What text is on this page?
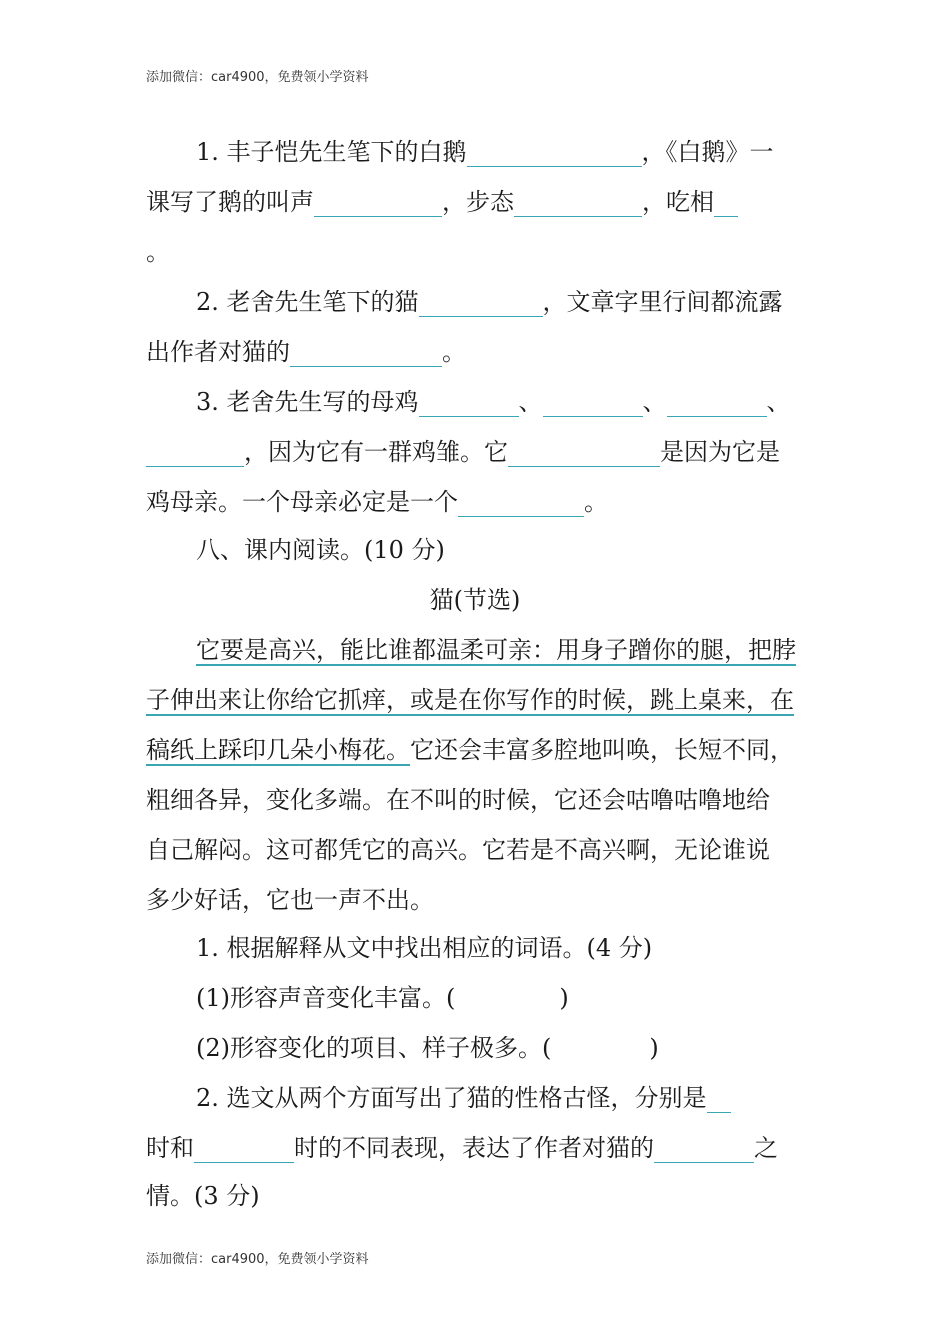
添加微信：car4900，免费领小学资料
1. 丰子恺先生笔下的白鹅	，《白鹅》一
课写了鹅的叫声	，步态	，吃相
。
2. 老舍先生笔下的猫	，文章字里行间都流露
出作者对猫的	。
3. 老舍先生写的母鸡	、	、	、
，因为它有一群鸡雏。它	是因为它是
鸡母亲。一个母亲必定是一个	。
八、课内阅读。(10 分)
猫(节选)
它要是高兴，能比谁都温柔可亲：用身子蹭你的腿，把脖
子伸出来让你给它抓痒，或是在你写作的时候，跳上桌来，在
稿纸上踩印几朵小梅花。它还会丰富多腔地叫唤，长短不同，
粗细各异，变化多端。在不叫的时候，它还会咕噜咕噜地给
自己解闷。这可都凭它的高兴。它若是不高兴啊，无论谁说
多少好话，它也一声不出。
1. 根据解释从文中找出相应的词语。(4 分)
(1)形容声音变化丰富。(	)
(2)形容变化的项目、样子极多。(	)
2. 选文从两个方面写出了猫的性格古怪，分别是
时和	时的不同表现，表达了作者对猫的	之
情。(3 分)
添加微信：car4900，免费领小学资料
